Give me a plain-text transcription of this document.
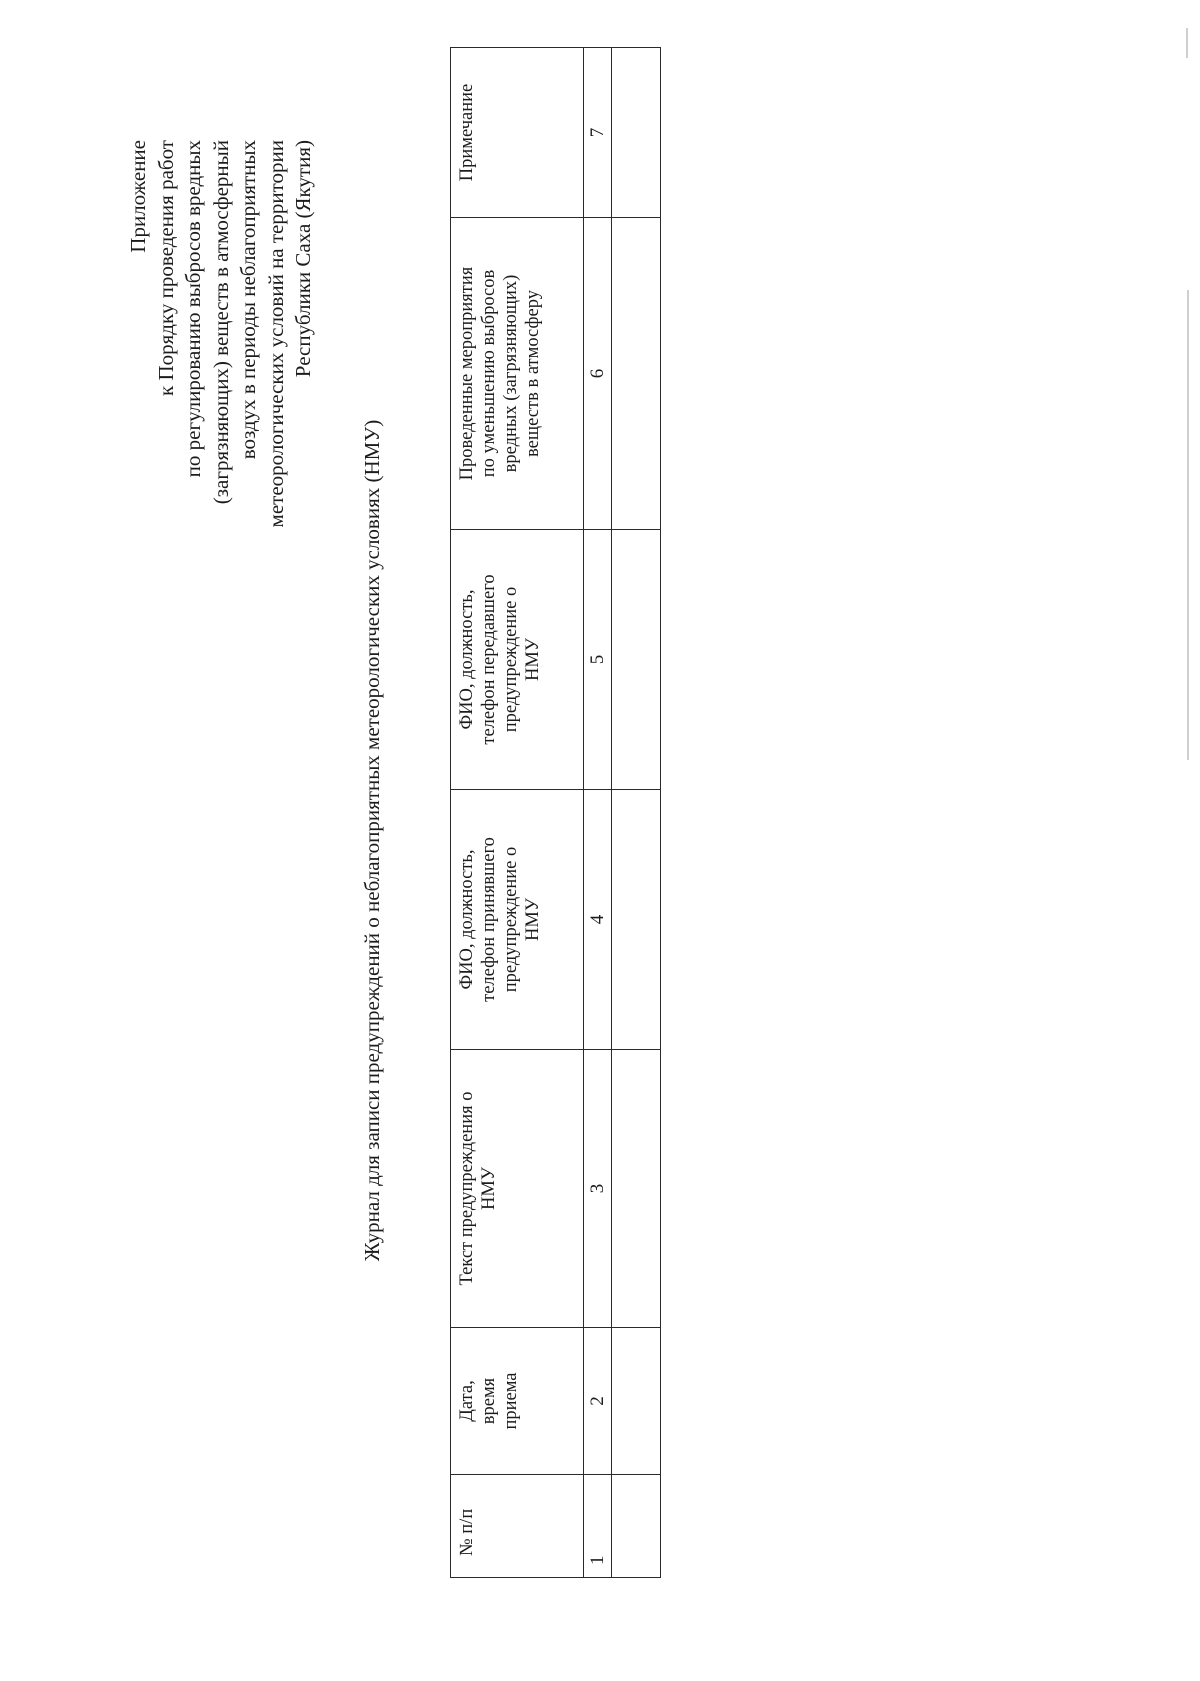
Приложение к Порядку проведения работ по регулированию выбросов вредных (загрязняющих) веществ в атмосферный воздух в периоды неблагоприятных метеорологических условий на территории Республики Саха (Якутия)
Журнал для записи предупреждений о неблагоприятных метеорологических условиях (НМУ)
№ п/п	Дата, время приема	Текст предупреждения о НМУ	ФИО, должность, телефон принявшего предупреждение о НМУ	ФИО, должность, телефон передавшего предупреждение о НМУ	Проведенные мероприятия по уменьшению выбросов вредных (загрязняющих) веществ в атмосферу	Примечание

1	2	3	4	5	6	7
